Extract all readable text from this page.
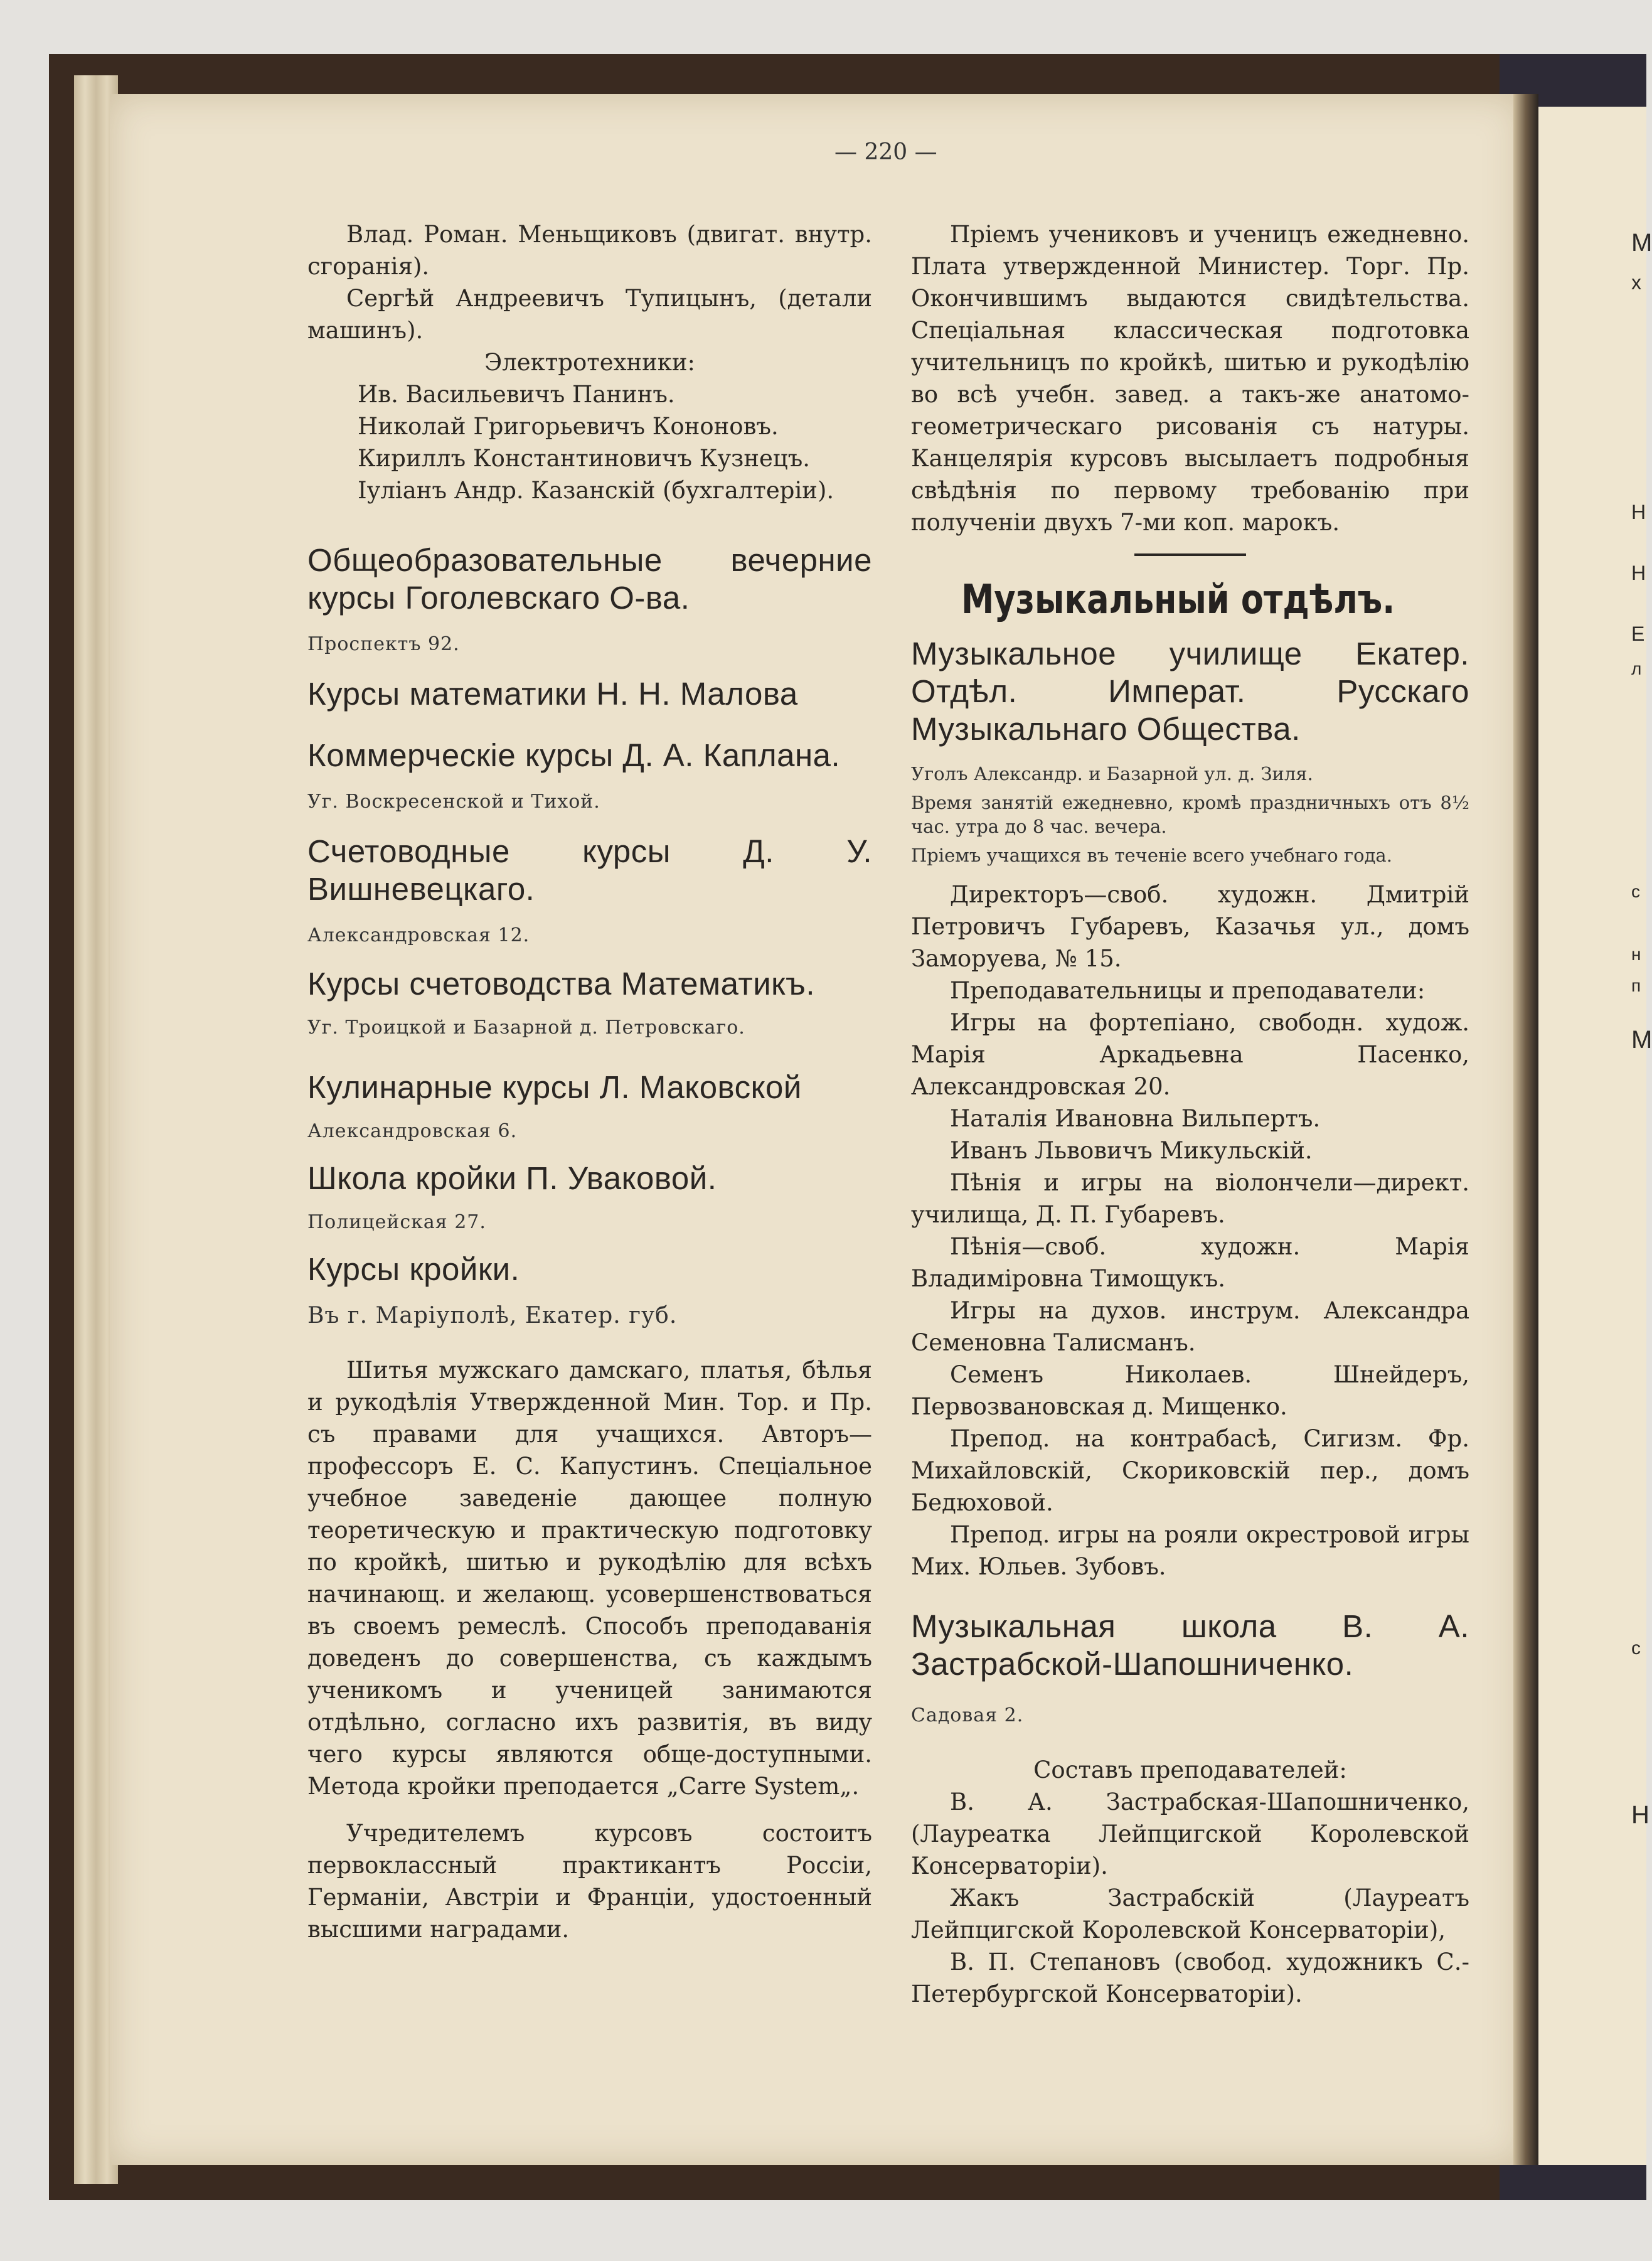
M
x
H
H
E
л
с
н
п
M
c
H
— 220 —

Влад. Роман. Меньщиковъ (двигат. внутр. сгоранія).

Сергѣй Андреевичъ Тупицынъ, (детали машинъ).

Электротехники:

Ив. Васильевичъ Панинъ.

Николай Григорьевичъ Кононовъ.

Кириллъ Константиновичъ Кузнецъ.

Іуліанъ Андр. Казанскій (бухгалтеріи).

Общеобразовательные вечерние курсы Гоголевскаго О-ва.

Проспектъ 92.

Курсы математики Н. Н. Малова

Коммерческіе курсы Д. А. Каплана.

Уг. Воскресенской и Тихой.

Счетоводные курсы Д. У. Вишневецкаго.

Александровская 12.

Курсы счетоводства Математикъ.

Уг. Троицкой и Базарной д. Петровскаго.

Кулинарные курсы Л. Маковской

Александровская 6.

Школа кройки П. Уваковой.

Полицейская 27.

Курсы кройки.

Въ г. Маріуполѣ, Екатер. губ.

Шитья мужскаго дамскаго, платья, бѣлья и рукодѣлія Утвержденной Мин. Тор. и Пр. съ правами для учащихся. Авторъ—профессоръ Е. С. Капустинъ. Спеціальное учебное заведеніе дающее полную теоретическую и практическую подготовку по кройкѣ, шитью и рукодѣлію для всѣхъ начинающ. и желающ. усовершенствоваться въ своемъ ремеслѣ. Способъ преподаванія доведенъ до совершенства, съ каждымъ ученикомъ и ученицей занимаются отдѣльно, согласно ихъ развитія, въ виду чего курсы являются обще-доступными. Метода кройки преподается „Carre System„.

Учредителемъ курсовъ состоитъ первоклассный практикантъ Россіи, Германіи, Австріи и Франціи, удостоенный высшими наградами.

Пріемъ учениковъ и ученицъ ежедневно. Плата утвержденной Министер. Торг. Пр. Окончившимъ выдаются свидѣтельства. Спеціальная классическая подготовка учительницъ по кройкѣ, шитью и рукодѣлію во всѣ учебн. завед. а такъ-же анатомо-геометрическаго рисованія съ натуры. Канцелярія курсовъ высылаетъ подробныя свѣдѣнія по первому требованію при полученіи двухъ 7-ми коп. марокъ.

Музыкальный отдѣлъ.

Музыкальное училище Екатер. Отдѣл. Императ. Русскаго Музыкальнаго Общества.

Уголъ Александр. и Базарной ул. д. Зиля.

Время занятій ежедневно, кромѣ праздничныхъ отъ 8½ час. утра до 8 час. вечера.

Пріемъ учащихся въ теченіе всего учебнаго года.

Директоръ—своб. художн. Дмитрій Петровичъ Губаревъ, Казачья ул., домъ Заморуева, № 15.

Преподавательницы и преподаватели:

Игры на фортепіано, свободн. худож. Марія Аркадьевна Пасенко, Александровская 20.

Наталія Ивановна Вильпертъ.

Иванъ Львовичъ Микульскій.

Пѣнія и игры на віолончели—директ. училища, Д. П. Губаревъ.

Пѣнія—своб. художн. Марія Владиміровна Тимощукъ.

Игры на духов. инструм. Александра Семеновна Талисманъ.

Семенъ Николаев. Шнейдеръ, Первозвановская д. Мищенко.

Препод. на контрабасѣ, Сигизм. Фр. Михайловскій, Скориковскій пер., домъ Бедюховой.

Препод. игры на рояли окрестровой игры Мих. Юльев. Зубовъ.

Музыкальная школа В. А. Застрабской-Шапошниченко.

Садовая 2.

Составъ преподавателей:

В. А. Застрабская-Шапошниченко, (Лауреатка Лейпцигской Королевской Консерваторіи).

Жакъ Застрабскій (Лауреатъ Лейпцигской Королевской Консерваторіи),

В. П. Степановъ (свобод. художникъ С.-Петербургской Консерваторіи).
